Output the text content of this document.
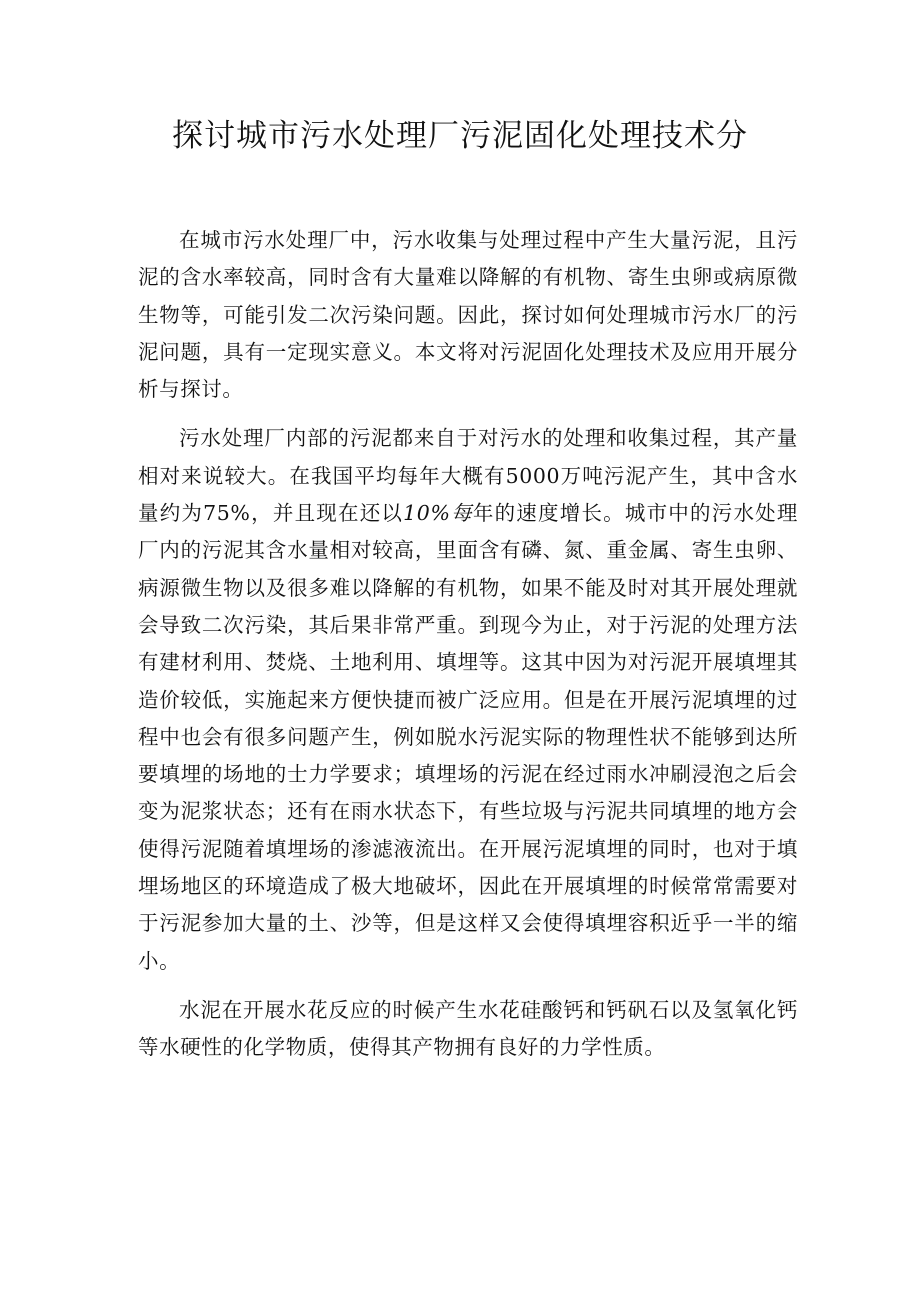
探讨城市污水处理厂污泥固化处理技术分

在城市污水处理厂中，污水收集与处理过程中产生大量污泥，且污泥的含水率较高，同时含有大量难以降解的有机物、寄生虫卵或病原微生物等，可能引发二次污染问题。因此，探讨如何处理城市污水厂的污泥问题，具有一定现实意义。本文将对污泥固化处理技术及应用开展分析与探讨。

污水处理厂内部的污泥都来自于对污水的处理和收集过程，其产量相对来说较大。在我国平均每年大概有5000万吨污泥产生，其中含水量约为75%，并且现在还以10%每年的速度增长。城市中的污水处理厂内的污泥其含水量相对较高，里面含有磷、氮、重金属、寄生虫卵、病源微生物以及很多难以降解的有机物，如果不能及时对其开展处理就会导致二次污染，其后果非常严重。到现今为止，对于污泥的处理方法有建材利用、焚烧、土地利用、填埋等。这其中因为对污泥开展填埋其造价较低，实施起来方便快捷而被广泛应用。但是在开展污泥填埋的过程中也会有很多问题产生，例如脱水污泥实际的物理性状不能够到达所要填埋的场地的士力学要求；填埋场的污泥在经过雨水冲刷浸泡之后会变为泥浆状态；还有在雨水状态下，有些垃圾与污泥共同填埋的地方会使得污泥随着填埋场的渗滤液流出。在开展污泥填埋的同时，也对于填埋场地区的环境造成了极大地破坏，因此在开展填埋的时候常常需要对于污泥参加大量的土、沙等，但是这样又会使得填埋容积近乎一半的缩小。

水泥在开展水花反应的时候产生水花硅酸钙和钙矾石以及氢氧化钙等水硬性的化学物质，使得其产物拥有良好的力学性质。
